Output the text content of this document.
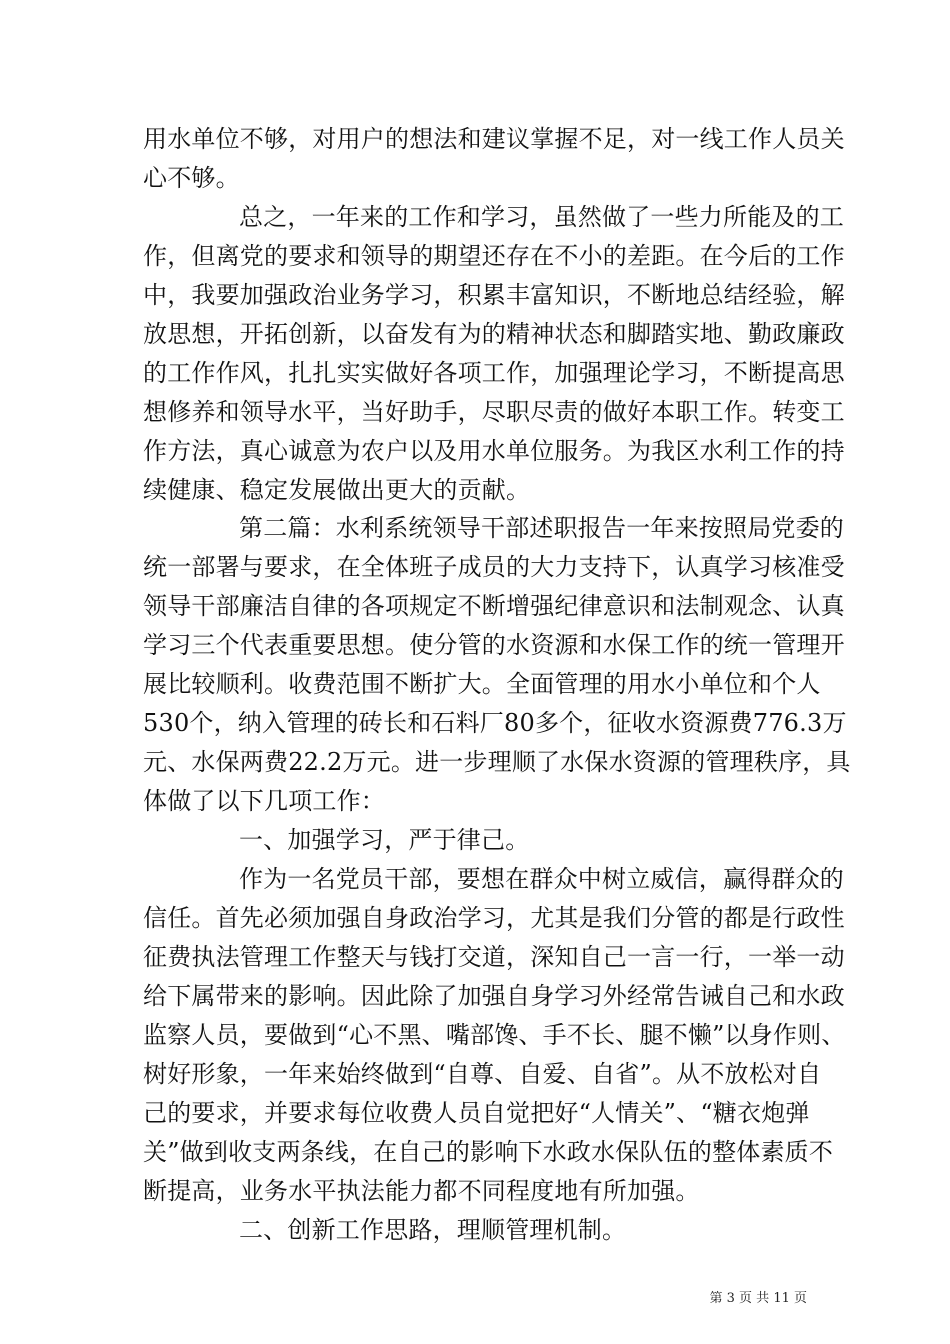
用水单位不够，对用户的想法和建议掌握不足，对一线工作人员关
心不够。
总之，一年来的工作和学习，虽然做了一些力所能及的工
作，但离党的要求和领导的期望还存在不小的差距。在今后的工作
中，我要加强政治业务学习，积累丰富知识，不断地总结经验，解
放思想，开拓创新，以奋发有为的精神状态和脚踏实地、勤政廉政
的工作作风，扎扎实实做好各项工作，加强理论学习，不断提高思
想修养和领导水平，当好助手，尽职尽责的做好本职工作。转变工
作方法，真心诚意为农户以及用水单位服务。为我区水利工作的持
续健康、稳定发展做出更大的贡献。
第二篇：水利系统领导干部述职报告一年来按照局党委的
统一部署与要求，在全体班子成员的大力支持下，认真学习核准受
领导干部廉洁自律的各项规定不断增强纪律意识和法制观念、认真
学习三个代表重要思想。使分管的水资源和水保工作的统一管理开
展比较顺利。收费范围不断扩大。全面管理的用水小单位和个人
530个，纳入管理的砖长和石料厂80多个，征收水资源费776.3万
元、水保两费22.2万元。进一步理顺了水保水资源的管理秩序，具
体做了以下几项工作：
一、加强学习，严于律己。
作为一名党员干部，要想在群众中树立威信，赢得群众的
信任。首先必须加强自身政治学习，尤其是我们分管的都是行政性
征费执法管理工作整天与钱打交道，深知自己一言一行，一举一动
给下属带来的影响。因此除了加强自身学习外经常告诫自己和水政
监察人员，要做到“心不黑、嘴部馋、手不长、腿不懒”以身作则、
树好形象，一年来始终做到“自尊、自爱、自省”。从不放松对自
己的要求，并要求每位收费人员自觉把好“人情关”、“糖衣炮弹
关”做到收支两条线，在自己的影响下水政水保队伍的整体素质不
断提高，业务水平执法能力都不同程度地有所加强。
二、创新工作思路，理顺管理机制。
第 3 页 共 11 页
